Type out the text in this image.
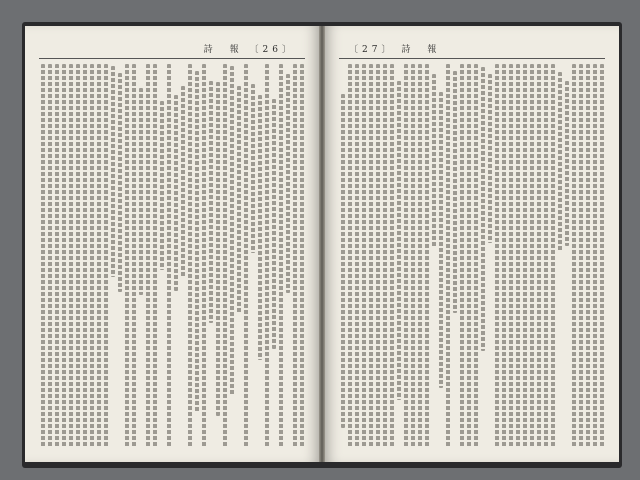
詩　報 〔26〕	〔27〕 詩　報
